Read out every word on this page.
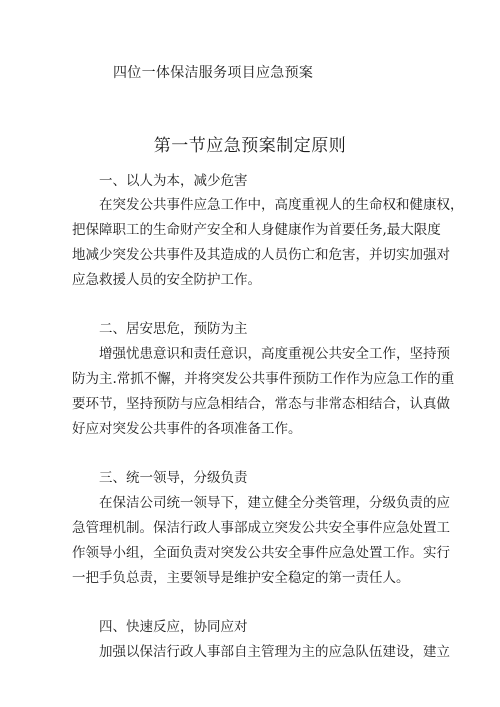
四位一体保洁服务项目应急预案
第一节应急预案制定原则
一、以人为本，减少危害
在突发公共事件应急工作中，高度重视人的生命权和健康权，
把保障职工的生命财产安全和人身健康作为首要任务,最大限度
地减少突发公共事件及其造成的人员伤亡和危害，并切实加强对
应急救援人员的安全防护工作。
二、居安思危，预防为主
增强忧患意识和责任意识，高度重视公共安全工作，坚持预
防为主.常抓不懈，并将突发公共事件预防工作作为应急工作的重
要环节，坚持预防与应急相结合，常态与非常态相结合，认真做
好应对突发公共事件的各项准备工作。
三、统一领导，分级负责
在保洁公司统一领导下，建立健全分类管理，分级负责的应
急管理机制。保洁行政人事部成立突发公共安全事件应急处置工
作领导小组，全面负责对突发公共安全事件应急处置工作。实行
一把手负总责，主要领导是维护安全稳定的第一责任人。
四、快速反应，协同应对
加强以保洁行政人事部自主管理为主的应急队伍建设，建立
